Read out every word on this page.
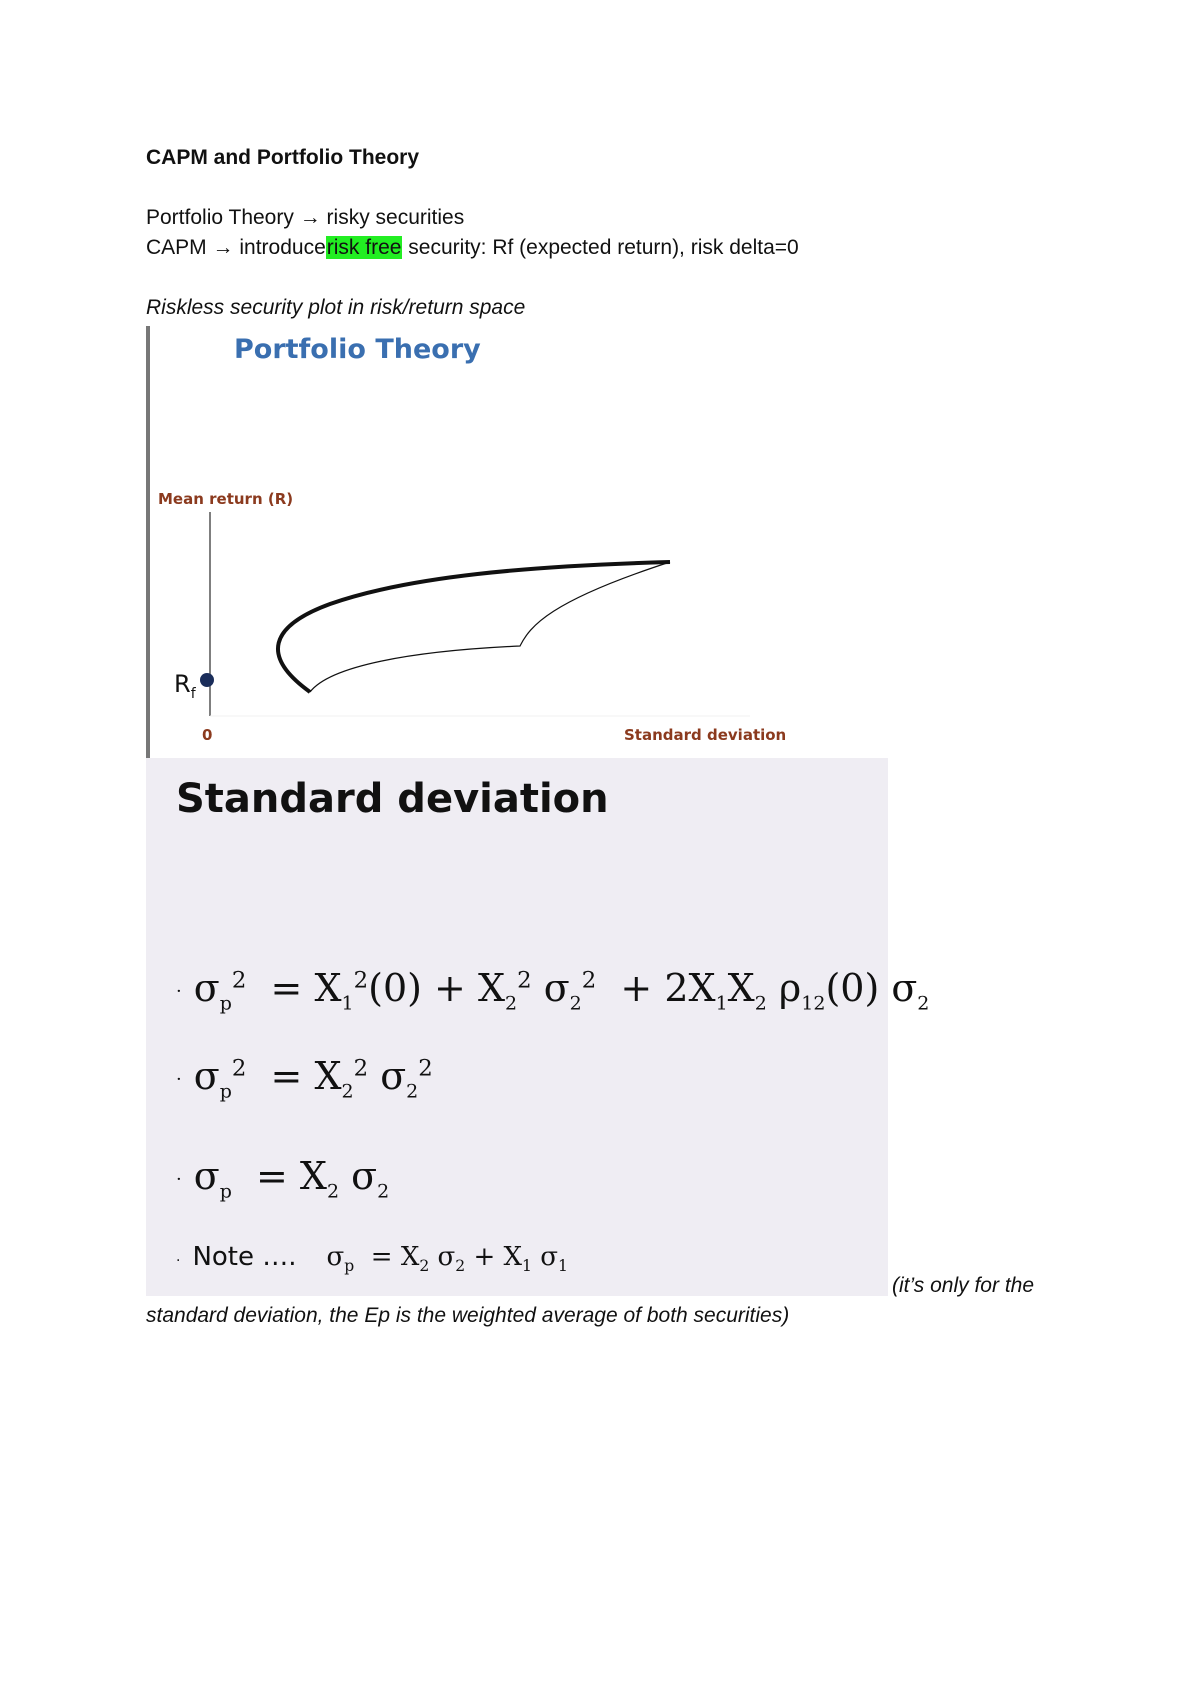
CAPM and Portfolio Theory
Portfolio Theory → risky securities
CAPM → introducerisk free security: Rf (expected return), risk delta=0
Riskless security plot in risk/return space
Portfolio Theory
Mean return (R)
0	Standard deviation
$R_f$
Standard deviation
· $\sigma_p^2 = X_1^2(0) + X_2^2$ $\sigma_2^2 + 2X_1X_2$ $\rho_{12}(0)$ $\sigma_2$
· $\sigma_p^2 = X_2^2$ $\sigma_2^2$
· $\sigma_p = X_2$ $\sigma_2$
· Note …. $\sigma_p = X_2$ $\sigma_2 + X_1$ $\sigma_1$
(it’s only for the
standard deviation, the Ep is the weighted average of both securities)
